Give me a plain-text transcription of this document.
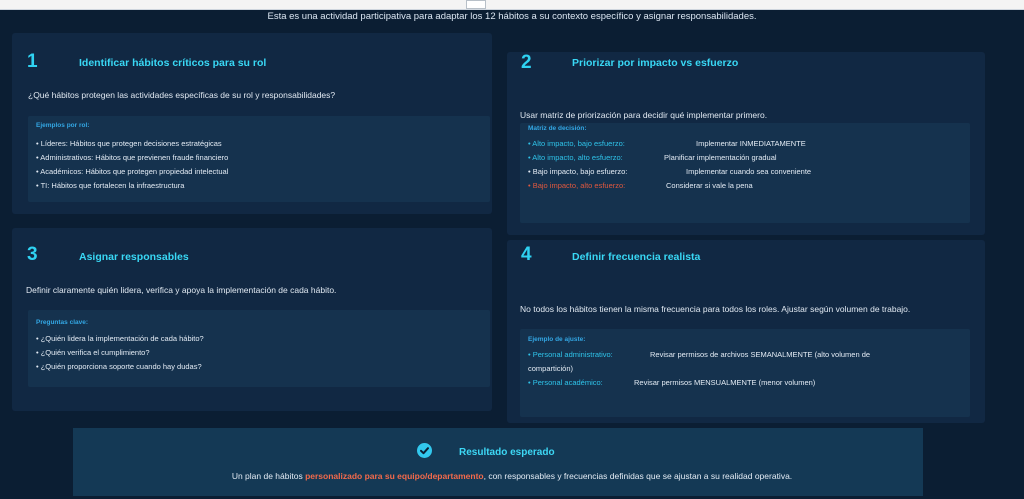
Esta es una actividad participativa para adaptar los 12 hábitos a su contexto específico y asignar responsabilidades.
1	Identificar hábitos críticos para su rol
¿Qué hábitos protegen las actividades específicas de su rol y responsabilidades?
Ejemplos por rol:
• Líderes: Hábitos que protegen decisiones estratégicas
• Administrativos: Hábitos que previenen fraude financiero
• Académicos: Hábitos que protegen propiedad intelectual
• TI: Hábitos que fortalecen la infraestructura
2	Priorizar por impacto vs esfuerzo
Usar matriz de priorización para decidir qué implementar primero.
Matriz de decisión:
• Alto impacto, bajo esfuerzo:	Implementar INMEDIATAMENTE
• Alto impacto, alto esfuerzo:	Planificar implementación gradual
• Bajo impacto, bajo esfuerzo:	Implementar cuando sea conveniente
• Bajo impacto, alto esfuerzo:	Considerar si vale la pena
3	Asignar responsables
Definir claramente quién lidera, verifica y apoya la implementación de cada hábito.
Preguntas clave:
• ¿Quién lidera la implementación de cada hábito?
• ¿Quién verifica el cumplimiento?
• ¿Quién proporciona soporte cuando hay dudas?
4	Definir frecuencia realista
No todos los hábitos tienen la misma frecuencia para todos los roles. Ajustar según volumen de trabajo.
Ejemplo de ajuste:
• Personal administrativo:	Revisar permisos de archivos SEMANALMENTE (alto volumen de
compartición)
• Personal académico:	Revisar permisos MENSUALMENTE (menor volumen)
Resultado esperado
Un plan de hábitos personalizado para su equipo/departamento, con responsables y frecuencias definidas que se ajustan a su realidad operativa.
